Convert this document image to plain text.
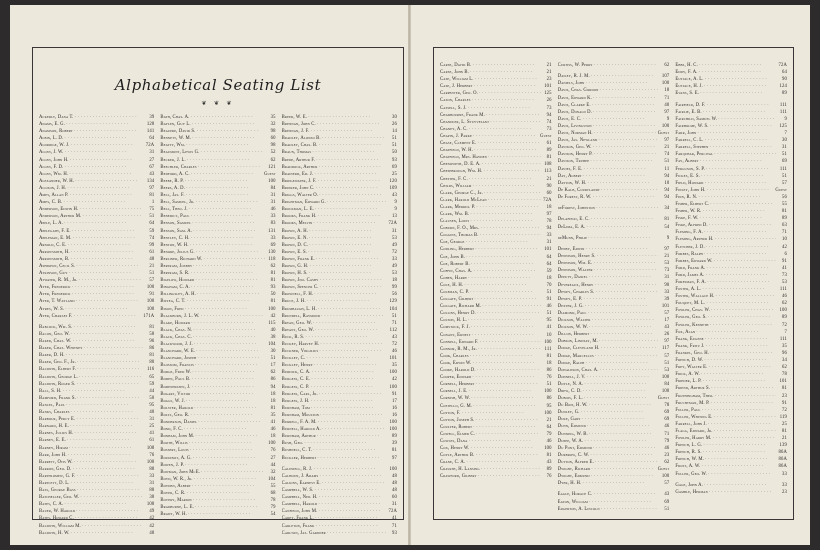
Alphabetical Seating List
❦ ❦ ❦
Ackerly, Dana T. · ·	39
Adams, E. G. · ·	128
Adamson, Robert · ·	141
Albin, L. D. · ·	64
Aldridge, W. J. · ·	72A
Allen, J. W. · ·	31
Allen, John H. · ·	27
Allen, F. D. · ·	67
Allen, Wm. H. · ·	43
Alexander, W. H. · ·	134
Allison, J. H. · ·	97
Ames, Allan P. · ·	81
Ames, C. B. · ·	1
Anderson, Edwin H. · ·	75
Anderson, Arthur M. · ·	51
Apple, L. A. · ·	64
Applegath, F. E. · ·	59
Appleman, E. M. · ·	74
Arnold, C. E. · ·	99
Arrowsmith, H. · ·	61
Arrowsmith, B. · ·	48
Ashdown, Cecil S. · ·	21
Atkinson, Guy · ·	51
Atwater, R. M., Jr. · ·	57
Ayer, Frederick · ·	100
Ayer, Frederick · ·	91
Ayer, T. Wayland · ·	100
Ayres, W. S. · ·	100
Ayer, Charles F. · ·	171A
Babcock, Wm. S. · ·	81
Bacon, Geo. W. · ·	58
Baker, Chas. W. · ·	96
Baker, Chas. Whitney · ·	86
Baker, D. H. · ·	81
Baker, Geo. F., Jr. · ·	80
Baldwin, Elbert F. · ·	116
Baldwin, George L. · ·	65
Baldwin, Roger S. · ·	59
Ball, S. H. · ·	44
Bamford, Frank S. · ·	50
Bancel, Paul · ·	95
Banks, Charles · ·	40
Barbour, Percy E. · ·	31
Barnard, H. E. · ·	25
Barnes, Julius H. · ·	41
Barney, E. E. · ·	61
Barney, Hiram · ·	108
Barr, John H. · ·	76
Barrett, Otis W. · ·	100
Barron, Geo. D. · ·	88
Barthlomew, G. F. · ·	33
Bartlett, D. L. · ·	31
Bass, George Bass · ·	88
Batcheller, Geo. W. · ·	38
Bates, C. A. · ·	108
Bauer, W. Harold · ·	49
Bates, Howard C. · ·	42
Baldwin, William M. · ·	42
Baldwin, H. W. · ·	48
Bath, Chas. A. · ·	35
Baylen, Guy L. · ·	32
Beaupre, David S. · ·	98
Bennett, W. M. · ·	60
Beatty, Wm. · ·	98
Beaumont, Lewis G. · ·	52
Becker, J. L. · ·	62
Beechler, Charles · ·	121
Bedford, A. C. · ·	Guest
Beebe, R. P. · ·	100
Beers, A. D. · ·	84
Bell, Jas. F. · ·	31
Bell, Samuel, Jr. · ·	31
Bell, Theo. J. · ·	46
Benedict, Paul · ·	33
Benson, Samuel · ·	83
Benson, Sam. A. · ·	131
Bentley, C. H. · ·	33
Benton, W. H. · ·	69
Benore, Julius G. · ·	130
Berliner, Richard W. · ·	118
Bertram, Joseph · ·	62
Bertram, S. R. · ·	81
Bigelow, Howard · ·	81
Bingham, C. A. · ·	93
Billingsley, A. H. · ·	50
Bilyea, C. T. · ·	81
Bixon, Fred · ·	100
Blackburn, J. L. W. · ·	42
Blake, Howard · ·	115
Black, Chas. N. · ·	40
Black, Chas. C. · ·	38
Blackwood, J. J. · ·	104
Blanchard, W. E. · ·	30
Blanchard, Joseph · ·	51
Blossom, Francis · ·	17
Bodge, Fred W. · ·	62
Boden, Paul B. · ·	86
Bodenhuizen, J. · ·	94
Bogart, Victor · ·	18
Boggs, W. J. · ·	18
Bolster, Harold · ·	81
Boltz, Geo. R. · ·	35
Bonderson, Daniel · ·	41
Bond, F. C. · ·	46
Bonham, John M. · ·	18
Booth, Willis · ·	100
Bossert, Louis · ·	76
Boudinot, A. G. · ·	27
Bowen, J. P. · ·	44
Bowman, John McE. · ·	32
Boyd, W. R., Jr. · ·	104
Boyden, Albert · ·	55
Boyer, C. R. · ·	68
Bovery, Marion · ·	78
Bradburne, L. E. · ·	79
Brady, W. H. · ·	54
Breed, W. E. · ·	30
Brennan, John C. · ·	26
Brennan, J. F. · ·	14
Bradley, Alonzo B. · ·	51
Bradley, Chas. B. · ·	51
Braun, Thomas · ·	50
Brede, Arthur F. · ·	93
Braddock, Arthur · ·	69
Brainerd, Ed. J. · ·	25
Bridgewater, J. F. · ·	120
Brinker, John C. · ·	109
Briggs, Walter O. · ·	43
Brightman, Edward G. · ·	9
Brockman, L. E. · ·	9
Brooks, Frank H. · ·	13
Brooks, Melvin · ·	72A
Brown, A. H. · ·	31
Brown, E. N. · ·	53
Brown, D. C. · ·	49
Brown, E. S. · ·	72
Brown, Frank E. · ·	33
Brown, G. H. · ·	49
Brown, H. S. · ·	53
Brown, Jno. Casby · ·	18
Brown, Spencer C. · ·	99
Brownell, F. H. · ·	56
Bruce, J. H. · ·	129
Brumbaugh, L. H. · ·	104
Brundell, Raymond · ·	51
Bryan, Geo. W. · ·	71
Bryant, Geo. W. · ·	112
Buck, R. S. · ·	43
Buckey, Harvey H. · ·	72
Buckner, Virgilius · ·	46
Buckley, C. · ·	101
Buckley, Henry · ·	35
Burdick, C. A. · ·	100
Burgess, C. E. · ·	42
Burgess, C. P. · ·	100
Burgess, Carl, Jr. · ·	91
Burgess, J. H. · ·	17
Burnham, Tom · ·	16
Burnham, Moulton · ·	16
Burrell, F. A. M. · ·	100
Burnell, Harold A. · ·	100
Burnham, Arthur · ·	89
Bush, Geo. · ·	39
Bushnell, C. T. · ·	81
Buckler, Herbert · ·	97
Caldwell, R. J. · ·	100
Calhoun, J. Adams · ·	48
Calkins, Earnest E. · ·	48
Campbell, W. S. · ·	48
Campbell, Neil H. · ·	60
Campbell, Harold · ·	31
Canfield, John M. · ·	72A
Carey, Frank L. · ·	41
Carleton, Frank · ·	71
Carlton, Jas. Gardner · ·	93
Carse, David B. · ·	21
Carse, John B. · ·	21
Case, William L. · ·	23
Case, J. Herbert · ·	101
Carpenter, Geo. O. · ·	125
Cason, Charles · ·	26
Cassell, S. J. · ·	73
Chadbourne, Frank M. · ·	94
Chandler, L. Stuyvesant · ·	74
Chaney, A. C. · ·	73
Chapin, J. Parke · ·	Guest
Chase, Clement E. · ·	61
Chatfield, W. H. · ·	89
Chatfield, Mrs. Hayden · ·	81
Chenoweth, D. E. A. · ·	108
Chesebrough, Wm. H. · ·	113
Chester, F. C. · ·	21
Childs, William · ·	90
Clark, George C., Jr. · ·	60
Clark, Harold McLean · ·	72A
Clark, Merrill P. · ·	18
Clark, Wm. B. · ·	97
Clausen, Louis · ·	78
Coburn, F. O., Mrs. · ·	94
Coggins, Thomas B. · ·	33
Coe, George · ·	31
Codling, Herbert · ·	101
Coe, John B. · ·	64
Coe, Robert B. · ·	64
Coffin, Chas. A. · ·	59
Cohen, Harry · ·	18
Cole, H. H. · ·	70
Coleman, C. P. · ·	51
Colgate, Gilbert · ·	91
Colgate, Richard M. · ·	46
Collins, Henry D. · ·	51
Colton, H. L. · ·	95
Comstock, F. J. · ·	41
Conant, Ernest · ·	10
Connell, Edward F. · ·	100
Connor, R. M., Jr. · ·	111
Cook, Charles · ·	81
Cook, Edwin W. · ·	18
Cooke, Harold D. · ·	86
Cooper, Edward · ·	76
Cornell, Herbert · ·	51
Cornell, J. E. · ·	100
Cornish, W. W. · ·	86
Costello, G. M. · ·	95
Cotton, F. · ·	100
Cotton, Joseph S. · ·	21
Coulter, Robert · ·	64
Cowell, Elmer C. · ·	79
Cowles, Dana · ·	46
Cox, Henry W. · ·	100
Coyle, Arthur B. · ·	81
Crane, C. A. · ·	43
Cravath, H. Lansing · ·	89
Crawford, Gilbert · ·	76
Curtiss, W. Perry · ·	62
Dailey, R. J. M. · ·	107
Daniels, John · ·	100
Davis, Chas. Gordon · ·	18
Davis, Edward K. · ·	71
Davis, Clarke E. · ·	40
Davis, Donald D. · ·	97
Davis, E. C. · ·	9
Davis, Livingston · ·	100
Davis, Norman H. · ·	Guest
Davis, Jas. Newland · ·	97
Davison, Geo. W. · ·	21
Davison, Henry P. · ·	74
Davison, Trubee · ·	51
Davies, F. E. · ·	11
Day, Albert · ·	94
Dayton, W. H. · ·	10
De Kalb, Courtlandt · ·	94
De Forest, R. W. · ·	94
deForest, Johnston · ·	34
Delafield, E. C. · ·	81
DeLima, E. A. · ·	54
deMunn, Philip · ·	9
Denby, Edwin · ·	97
Dennison, Henry S. · ·	21
Dennison, Wm. E. · ·	53
Dennison, Walter · ·	73
Deputy, Daniel · ·	31
Devereaux, Henry · ·	90
Dewey, Charles S. · ·	33
Dewey, E. P. · ·	39
Dexter, J. G. · ·	101
Diamond, Paul · ·	57
Dickson, Walter · ·	17
Dickson, W. W. · ·	43
Dillon, Herbert · ·	26
Dobson, Lindsay, M. · ·	97
Dodge, Cleveland H. · ·	117
Dodge, Marcellus · ·	57
Dodge, Ralph · ·	51
Donaldson, Chas. A. · ·	53
Donnell, J. V. · ·	100
Doyle, N. A. · ·	84
Drew, C. D. · ·	100
Dubois, F. L. · ·	Guest
Du Bois, H. W. · ·	78
Dudley, G. · ·	69
Duke, Gary · ·	69
Dunn, Edmund · ·	46
Dunning, W. B. · ·	71
Dupee, W. A. · ·	79
Du Pont, Edmund · ·	46
Durbrow, C. W. · ·	23
Dutton, Alfred E. · ·	62
Dwight, Richard · ·	Guest
Dwight, Edmund · ·	100
Dyer, H. H. · ·	57
Eagle, Horace C. · ·	43
Eaton, William · ·	69
Edgerton, A. Lincoln · ·	51
Ebbs, H. C. · ·	72A
Eddy, F. A. · ·	64
Eustace, A. L. · ·	90
Eustace, H. J. · ·	124
Evans, S. E. · ·	89
Fairfield, D. F. · ·	111
Fairlie, E. B. · ·	111
Fairchild, Samuel W. · ·	9
Fairholme, W. S. · ·	125
Farr, John · ·	7
Farrell, C. L. · ·	30
Farrell, Stephen · ·	31
Farquhar, Percival · ·	51
Fay, Albert · ·	69
Ferguson, S. P. · ·	111
Fickes, E. S. · ·	51
Field, Howard · ·	57
Finley, John H. · ·	Guest
Finn, R. N. · ·	56
Fisher, Elbert C. · ·	55
Fisher, W. R. · ·	81
Fiske, F. W. · ·	89
Fiske, Alfred D. · ·	63
Fleming, F. A. · ·	71
Fleming, Arthur H. · ·	10
Fletcher, J. D. · ·	42
Forbes, Ralph · ·	6
Forbes, Edward W. · ·	91
Ford, Frank A. · ·	41
Ford, James A. · ·	73
Foresman, F. A. · ·	53
Foster, A. L. · ·	111
Foster, Wallace H. · ·	46
Fouquet, M. L. · ·	62
Fowler, Chas. W. · ·	100
Fowler, Geo. S. · ·	89
Fowler, Kenneth · ·	72
Fox, Alan · ·	7
Frank, Eugene · ·	111
Frank, Fritz J. · ·	35
Frankel, Geo. H. · ·	96
French, D. W. · ·	34
Frey, Walter E. · ·	62
Frick, A. W. · ·	78
Frieder, L. P. · ·	101
Friend, Arthur S. · ·	81
Frothingham, Theo. · ·	23
Fruchtman, M. P. · ·	91
Fuller, Paul · ·	72
Fuller, Whiting E. · ·	119
Farrell, John J. · ·	25
Flagg, Edward, Jr. · ·	81
Fowler, Harry M. · ·	21
French, L. G. · ·	139
French, R. S. · ·	86A
French, W. M. · ·	86A
Frost, A. W. · ·	86A
Fuller, Geo. W. · ·	33
Gage, John A. · ·	33
Gamble, Herman · ·	23
